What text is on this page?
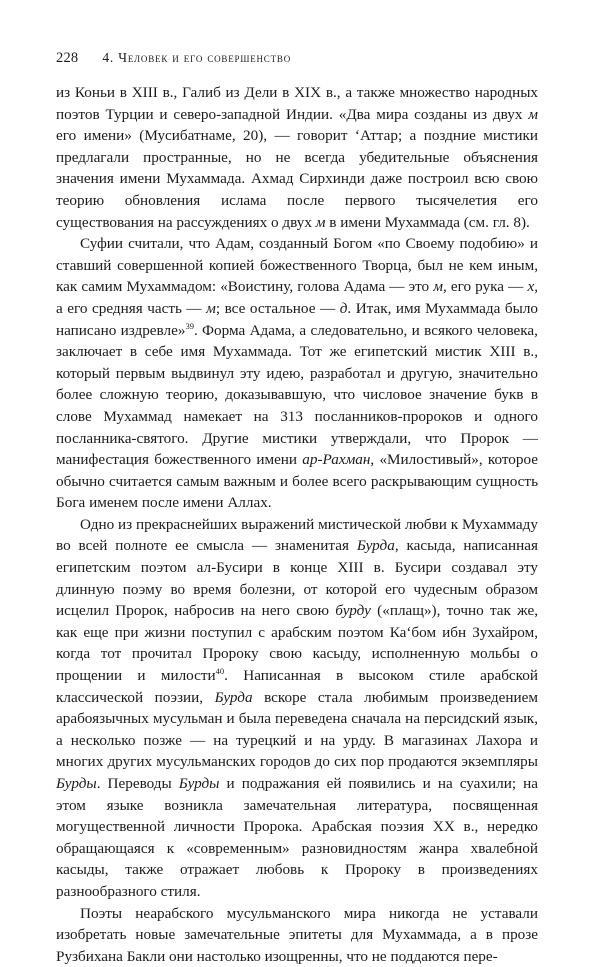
228 4. Человек и его совершенство

из Коньи в XIII в., Галиб из Дели в XIX в., а также множество народных поэтов Турции и северо-западной Индии. «Два мира созданы из двух м его имени» (Мусибатнаме, 20), — говорит ʻАттар; а поздние мистики предлагали пространные, но не всегда убедительные объяснения значения имени Мухаммада. Ахмад Сирхинди даже построил всю свою теорию обновления ислама после первого тысячелетия его существования на рассуждениях о двух м в имени Мухаммада (см. гл. 8).

Суфии считали, что Адам, созданный Богом «по Своему подобию» и ставший совершенной копией божественного Творца, был не кем иным, как самим Мухаммадом: «Воистину, голова Адама — это м, его рука — х, а его средняя часть — м; все остальное — д. Итак, имя Мухаммада было написано издревле»$^{39}$. Форма Адама, а следовательно, и всякого человека, заключает в себе имя Мухаммада. Тот же египетский мистик XIII в., который первым выдвинул эту идею, разработал и другую, значительно более сложную теорию, доказывавшую, что числовое значение букв в слове Мухаммад намекает на 313 посланников-пророков и одного посланника-святого. Другие мистики утверждали, что Пророк — манифестация божественного имени ар-Рахман, «Милостивый», которое обычно считается самым важным и более всего раскрывающим сущность Бога именем после имени Аллах.

Одно из прекраснейших выражений мистической любви к Мухаммаду во всей полноте ее смысла — знаменитая Бурда, касыда, написанная египетским поэтом ал-Бусири в конце XIII в. Бусири создавал эту длинную поэму во время болезни, от которой его чудесным образом исцелил Пророк, набросив на него свою бурду («плащ»), точно так же, как еще при жизни поступил с арабским поэтом Каʻбом ибн Зухайром, когда тот прочитал Пророку свою касыду, исполненную мольбы о прощении и милости$^{40}$. Написанная в высоком стиле арабской классической поэзии, Бурда вскоре стала любимым произведением арабоязычных мусульман и была переведена сначала на персидский язык, а несколько позже — на турецкий и на урду. В магазинах Лахора и многих других мусульманских городов до сих пор продаются экземпляры Бурды. Переводы Бурды и подражания ей появились и на суахили; на этом языке возникла замечательная литература, посвященная могущественной личности Пророка. Арабская поэзия XX в., нередко обращающаяся к «современным» разновидностям жанра хвалебной касыды, также отражает любовь к Пророку в произведениях разнообразного стиля.

Поэты неарабского мусульманского мира никогда не уставали изобретать новые замечательные эпитеты для Мухаммада, а в прозе Рузбихана Бакли они настолько изощренны, что не поддаются пере-
